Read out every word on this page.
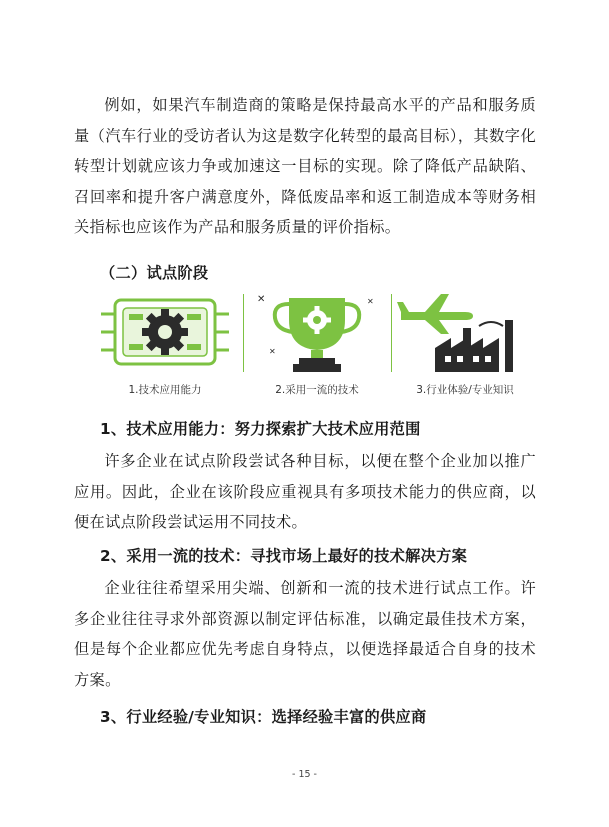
例如，如果汽车制造商的策略是保持最高水平的产品和服务质量（汽车行业的受访者认为这是数字化转型的最高目标），其数字化转型计划就应该力争或加速这一目标的实现。除了降低产品缺陷、召回率和提升客户满意度外，降低废品率和返工制造成本等财务相关指标也应该作为产品和服务质量的评价指标。

（二）试点阶段

1.技术应用能力
✕	✕
✕
2.采用一流的技术	3.行业体验/专业知识

1、技术应用能力：努力探索扩大技术应用范围

许多企业在试点阶段尝试各种目标，以便在整个企业加以推广应用。因此，企业在该阶段应重视具有多项技术能力的供应商，以便在试点阶段尝试运用不同技术。

2、采用一流的技术：寻找市场上最好的技术解决方案

企业往往希望采用尖端、创新和一流的技术进行试点工作。许多企业往往寻求外部资源以制定评估标准，以确定最佳技术方案，但是每个企业都应优先考虑自身特点，以便选择最适合自身的技术方案。

3、行业经验/专业知识：选择经验丰富的供应商

- 15 -
